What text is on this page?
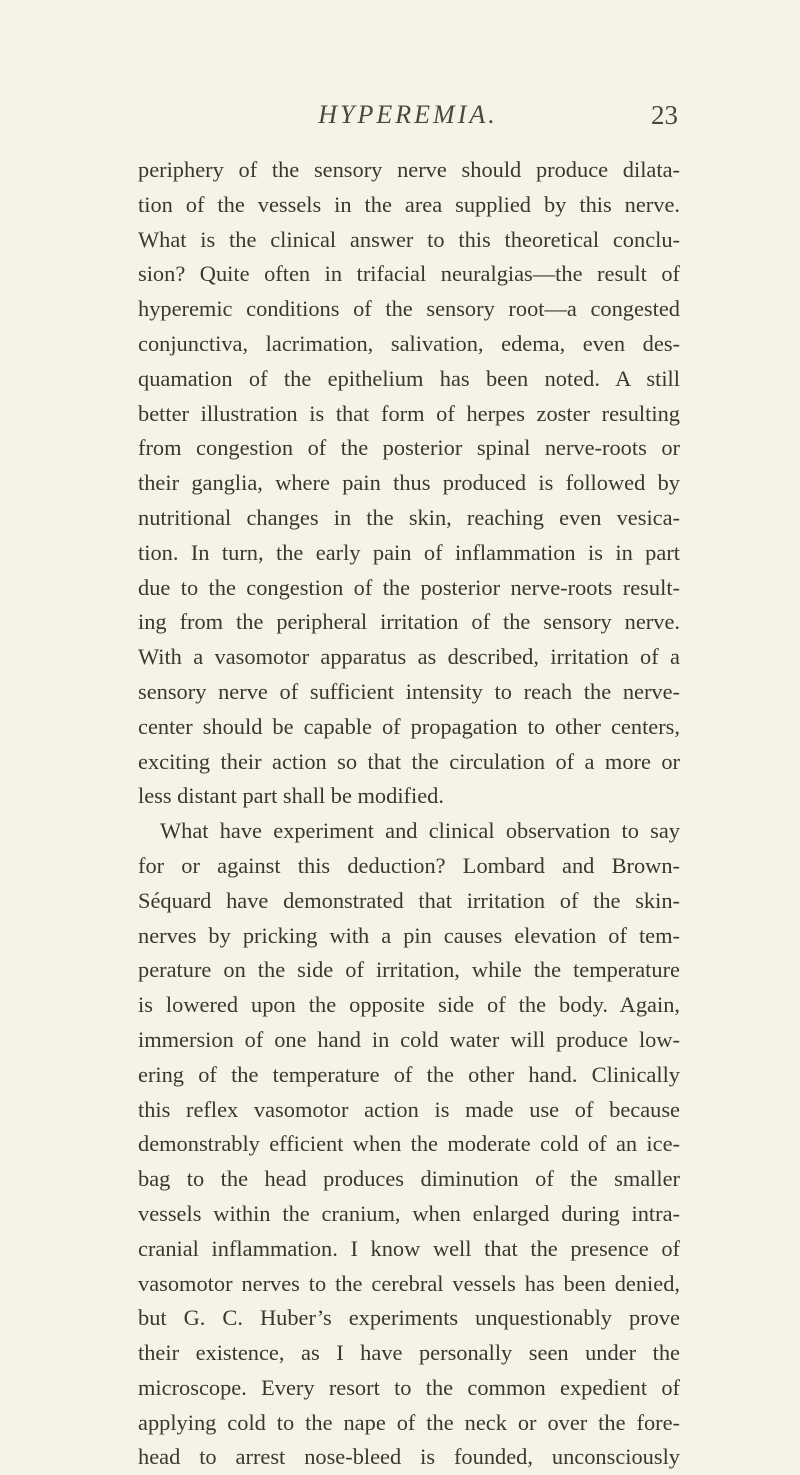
HYPEREMIA.	23
periphery of the sensory nerve should produce dilata-
tion of the vessels in the area supplied by this nerve.
What is the clinical answer to this theoretical conclu-
sion? Quite often in trifacial neuralgias—the result of
hyperemic conditions of the sensory root—a congested
conjunctiva, lacrimation, salivation, edema, even des-
quamation of the epithelium has been noted. A still
better illustration is that form of herpes zoster resulting
from congestion of the posterior spinal nerve-roots or
their ganglia, where pain thus produced is followed by
nutritional changes in the skin, reaching even vesica-
tion. In turn, the early pain of inflammation is in part
due to the congestion of the posterior nerve-roots result-
ing from the peripheral irritation of the sensory nerve.
With a vasomotor apparatus as described, irritation of a
sensory nerve of sufficient intensity to reach the nerve-
center should be capable of propagation to other centers,
exciting their action so that the circulation of a more or
less distant part shall be modified.
What have experiment and clinical observation to say
for or against this deduction? Lombard and Brown-
Séquard have demonstrated that irritation of the skin-
nerves by pricking with a pin causes elevation of tem-
perature on the side of irritation, while the temperature
is lowered upon the opposite side of the body. Again,
immersion of one hand in cold water will produce low-
ering of the temperature of the other hand. Clinically
this reflex vasomotor action is made use of because
demonstrably efficient when the moderate cold of an ice-
bag to the head produces diminution of the smaller
vessels within the cranium, when enlarged during intra-
cranial inflammation. I know well that the presence of
vasomotor nerves to the cerebral vessels has been denied,
but G. C. Huber’s experiments unquestionably prove
their existence, as I have personally seen under the
microscope. Every resort to the common expedient of
applying cold to the nape of the neck or over the fore-
head to arrest nose-bleed is founded, unconsciously
